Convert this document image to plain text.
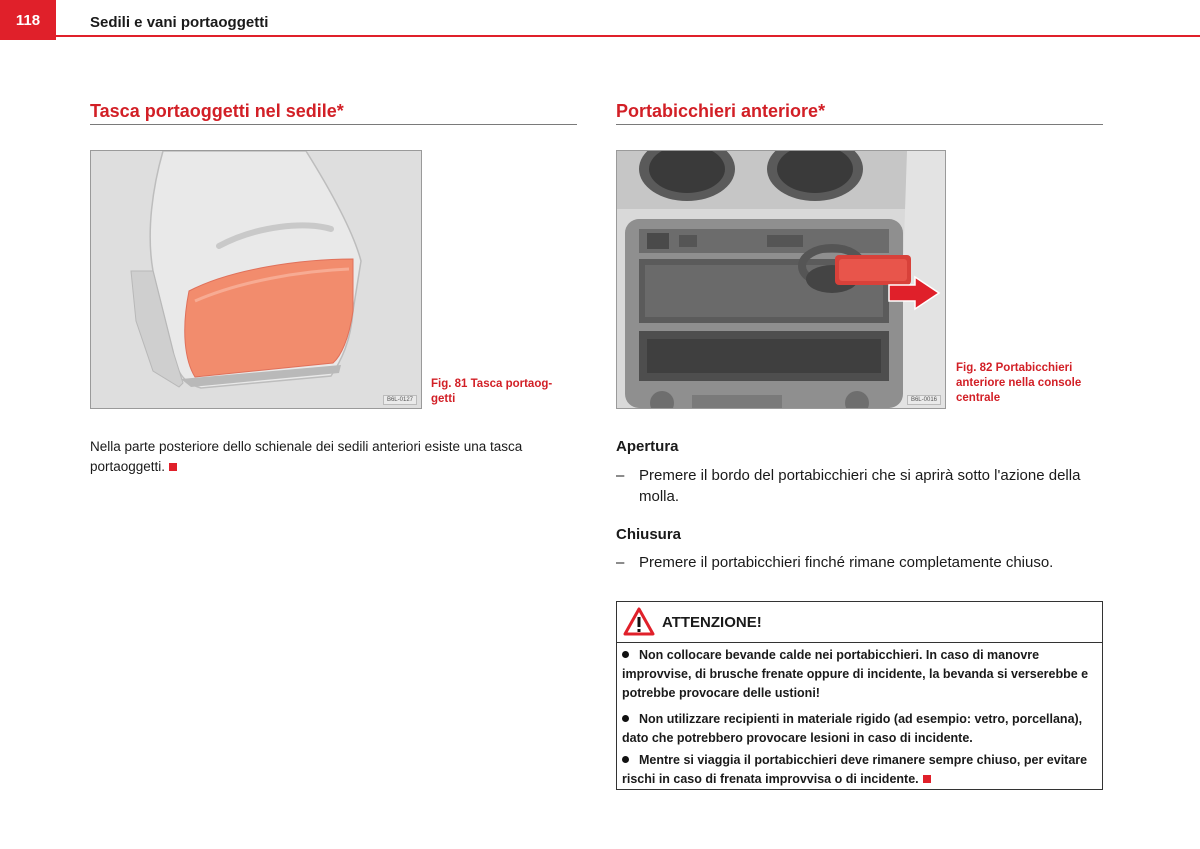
118	Sedili e vani portaoggetti
Tasca portaoggetti nel sedile*
B6L-0127
Fig. 81 Tasca portaog-
getti
Nella parte posteriore dello schienale dei sedili anteriori esiste una tasca portaoggetti.
Portabicchieri anteriore*
B6L-0016
Fig. 82 Portabicchieri
anteriore nella console
centrale
Apertura
– Premere il bordo del portabicchieri che si aprirà sotto l'azione della molla.
Chiusura
– Premere il portabicchieri finché rimane completamente chiuso.
ATTENZIONE!
Non collocare bevande calde nei portabicchieri. In caso di manovre improvvise, di brusche frenate oppure di incidente, la bevanda si verserebbe e potrebbe provocare delle ustioni!
Non utilizzare recipienti in materiale rigido (ad esempio: vetro, porcellana), dato che potrebbero provocare lesioni in caso di incidente.
Mentre si viaggia il portabicchieri deve rimanere sempre chiuso, per evitare rischi in caso di frenata improvvisa o di incidente.
